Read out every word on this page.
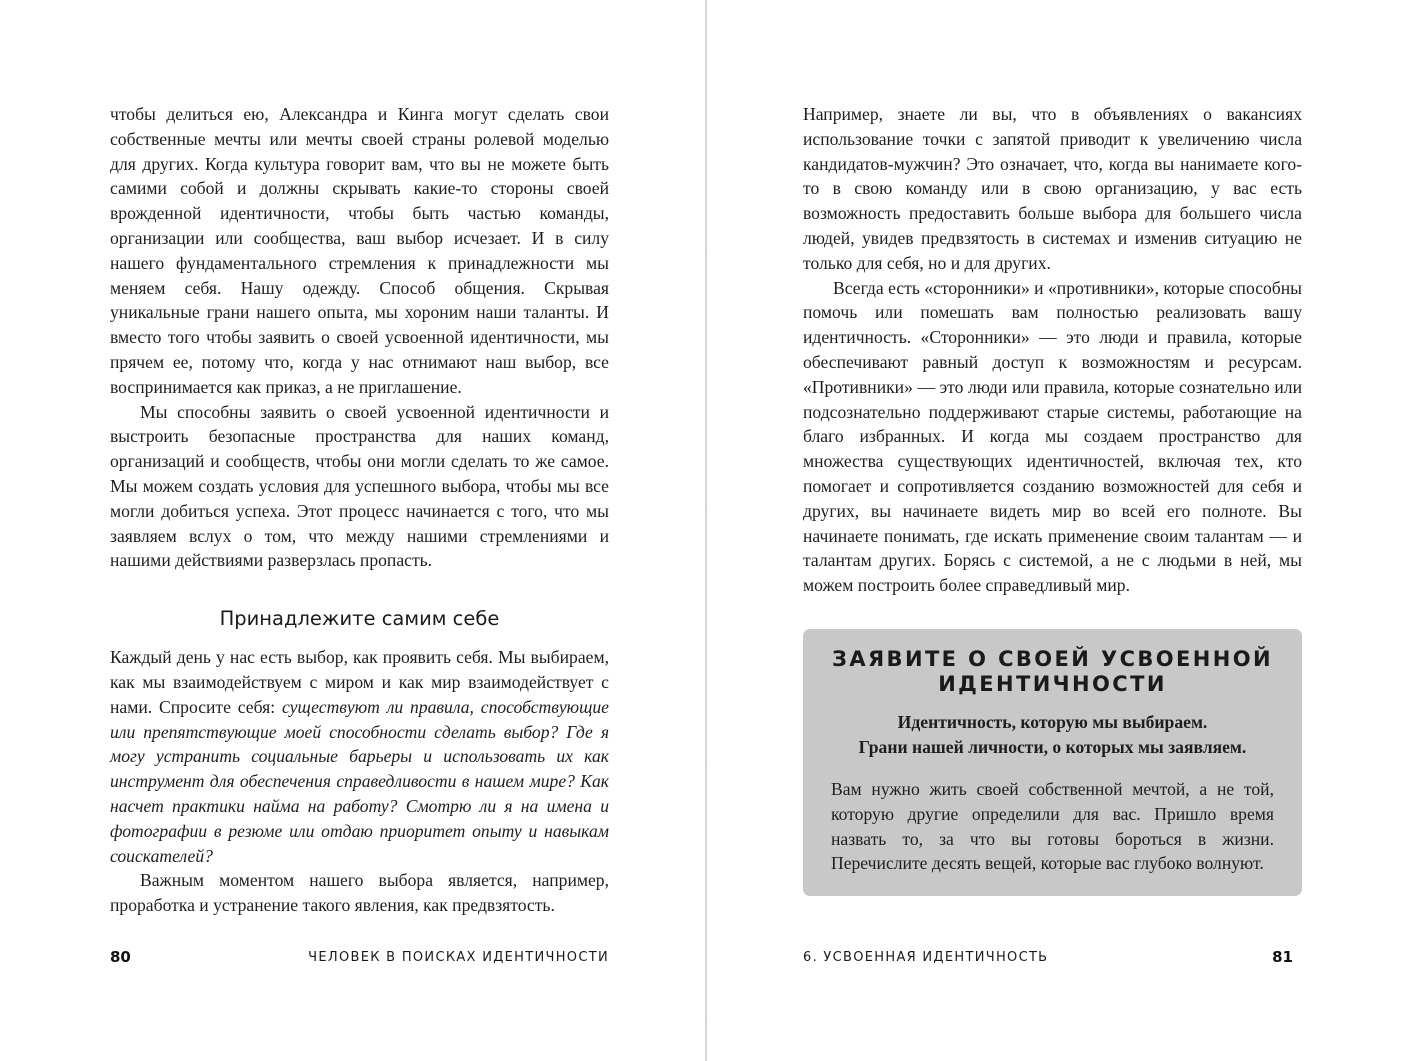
чтобы делиться ею, Александра и Кинга могут сделать свои собственные мечты или мечты своей страны ролевой моделью для других. Когда культура говорит вам, что вы не можете быть самими собой и должны скрывать какие-то стороны своей врожденной идентичности, чтобы быть частью команды, организации или сообщества, ваш выбор исчезает. И в силу нашего фундаментального стремления к принадлежности мы меняем себя. Нашу одежду. Способ общения. Скрывая уникальные грани нашего опыта, мы хороним наши таланты. И вместо того чтобы заявить о своей усвоенной идентичности, мы прячем ее, потому что, когда у нас отнимают наш выбор, все воспринимается как приказ, а не приглашение.

Мы способны заявить о своей усвоенной идентичности и выстроить безопасные пространства для наших команд, организаций и сообществ, чтобы они могли сделать то же самое. Мы можем создать условия для успешного выбора, чтобы мы все могли добиться успеха. Этот процесс начинается с того, что мы заявляем вслух о том, что между нашими стремлениями и нашими действиями разверзлась пропасть.

Принадлежите самим себе

Каждый день у нас есть выбор, как проявить себя. Мы выбираем, как мы взаимодействуем с миром и как мир взаимодействует с нами. Спросите себя: существуют ли правила, способствующие или препятствующие моей способности сделать выбор? Где я могу устранить социальные барьеры и использовать их как инструмент для обеспечения справедливости в нашем мире? Как насчет практики найма на работу? Смотрю ли я на имена и фотографии в резюме или отдаю приоритет опыту и навыкам соискателей?

Важным моментом нашего выбора является, например, проработка и устранение такого явления, как предвзятость.

80	ЧЕЛОВЕК В ПОИСКАХ ИДЕНТИЧНОСТИ

Например, знаете ли вы, что в объявлениях о вакансиях использование точки с запятой приводит к увеличению числа кандидатов-мужчин? Это означает, что, когда вы нанимаете кого-то в свою команду или в свою организацию, у вас есть возможность предоставить больше выбора для большего числа людей, увидев предвзятость в системах и изменив ситуацию не только для себя, но и для других.

Всегда есть «сторонники» и «противники», которые способны помочь или помешать вам полностью реализовать вашу идентичность. «Сторонники» — это люди и правила, которые обеспечивают равный доступ к возможностям и ресурсам. «Противники» — это люди или правила, которые сознательно или подсознательно поддерживают старые системы, работающие на благо избранных. И когда мы создаем пространство для множества существующих идентичностей, включая тех, кто помогает и сопротивляется созданию возможностей для себя и других, вы начинаете видеть мир во всей его полноте. Вы начинаете понимать, где искать применение своим талантам — и талантам других. Борясь с системой, а не с людьми в ней, мы можем построить более справедливый мир.

ЗАЯВИТЕ О СВОЕЙ УСВОЕННОЙ ИДЕНТИЧНОСТИ
Идентичность, которую мы выбираем.
Грани нашей личности, о которых мы заявляем.

Вам нужно жить своей собственной мечтой, а не той, которую другие определили для вас. Пришло время назвать то, за что вы готовы бороться в жизни. Перечислите десять вещей, которые вас глубоко волнуют.

6. УСВОЕННАЯ ИДЕНТИЧНОСТЬ	81
